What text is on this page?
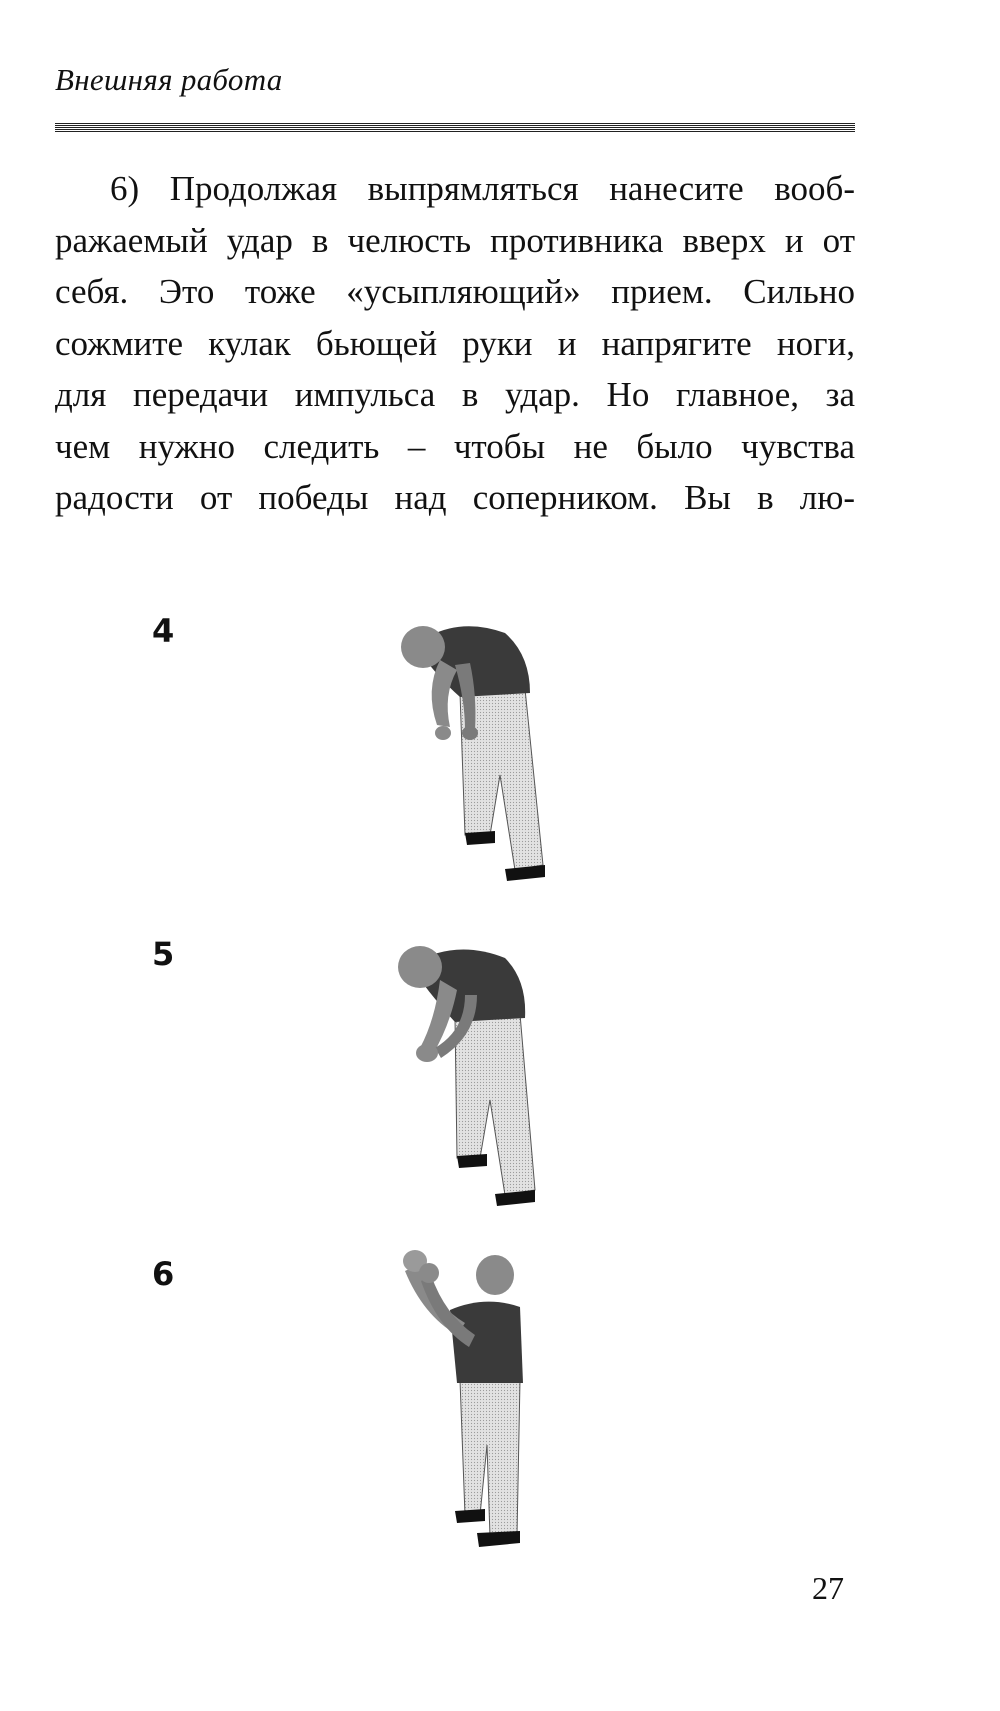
Внешняя работа
6) Продолжая выпрямляться нанесите вооб-
ражаемый удар в челюсть противника вверх и от
себя. Это тоже «усыпляющий» прием. Сильно
сожмите кулак бьющей руки и напрягите ноги,
для передачи импульса в удар. Но главное, за
чем нужно следить – чтобы не было чувства
радости от победы над соперником. Вы в лю-
4
5
6
27
